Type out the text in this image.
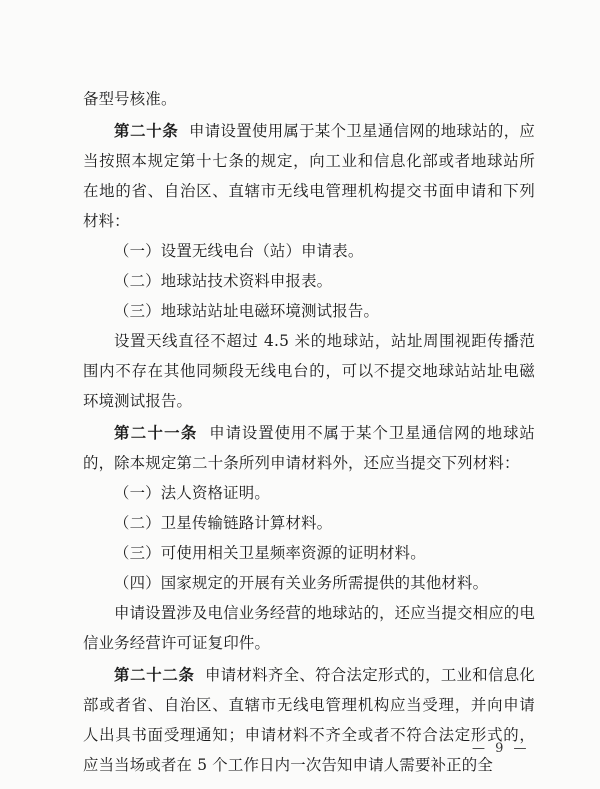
备型号核准。

第二十条 申请设置使用属于某个卫星通信网的地球站的，应当按照本规定第十七条的规定，向工业和信息化部或者地球站所在地的省、自治区、直辖市无线电管理机构提交书面申请和下列材料：

（一）设置无线电台（站）申请表。

（二）地球站技术资料申报表。

（三）地球站站址电磁环境测试报告。

设置天线直径不超过 4.5 米的地球站，站址周围视距传播范围内不存在其他同频段无线电台的，可以不提交地球站站址电磁环境测试报告。

第二十一条 申请设置使用不属于某个卫星通信网的地球站的，除本规定第二十条所列申请材料外，还应当提交下列材料：

（一）法人资格证明。

（二）卫星传输链路计算材料。

（三）可使用相关卫星频率资源的证明材料。

（四）国家规定的开展有关业务所需提供的其他材料。

申请设置涉及电信业务经营的地球站的，还应当提交相应的电信业务经营许可证复印件。

第二十二条 申请材料齐全、符合法定形式的，工业和信息化部或者省、自治区、直辖市无线电管理机构应当受理，并向申请人出具书面受理通知；申请材料不齐全或者不符合法定形式的，应当当场或者在 5 个工作日内一次告知申请人需要补正的全

— 9 —
